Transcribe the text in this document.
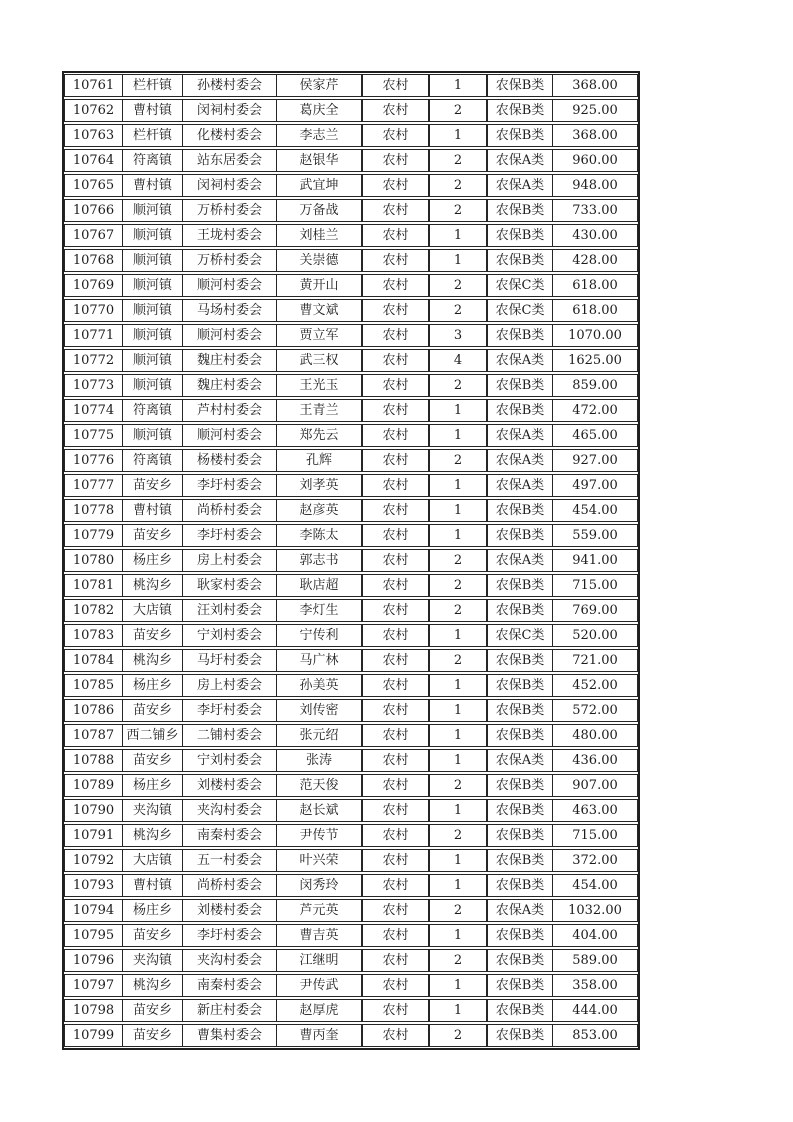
10761	栏杆镇	孙楼村委会	侯家芹	农村	1	农保B类	368.00
10762	曹村镇	闵祠村委会	葛庆全	农村	2	农保B类	925.00
10763	栏杆镇	化楼村委会	李志兰	农村	1	农保B类	368.00
10764	符离镇	站东居委会	赵银华	农村	2	农保A类	960.00
10765	曹村镇	闵祠村委会	武宜坤	农村	2	农保A类	948.00
10766	顺河镇	万桥村委会	万备战	农村	2	农保B类	733.00
10767	顺河镇	王垅村委会	刘桂兰	农村	1	农保B类	430.00
10768	顺河镇	万桥村委会	关崇德	农村	1	农保B类	428.00
10769	顺河镇	顺河村委会	黄开山	农村	2	农保C类	618.00
10770	顺河镇	马场村委会	曹文斌	农村	2	农保C类	618.00
10771	顺河镇	顺河村委会	贾立军	农村	3	农保B类	1070.00
10772	顺河镇	魏庄村委会	武三权	农村	4	农保A类	1625.00
10773	顺河镇	魏庄村委会	王光玉	农村	2	农保B类	859.00
10774	符离镇	芦村村委会	王青兰	农村	1	农保B类	472.00
10775	顺河镇	顺河村委会	郑先云	农村	1	农保A类	465.00
10776	符离镇	杨楼村委会	孔辉	农村	2	农保A类	927.00
10777	苗安乡	李圩村委会	刘孝英	农村	1	农保A类	497.00
10778	曹村镇	尚桥村委会	赵彦英	农村	1	农保B类	454.00
10779	苗安乡	李圩村委会	李陈太	农村	1	农保B类	559.00
10780	杨庄乡	房上村委会	郭志书	农村	2	农保A类	941.00
10781	桃沟乡	耿家村委会	耿店超	农村	2	农保B类	715.00
10782	大店镇	汪刘村委会	李灯生	农村	2	农保B类	769.00
10783	苗安乡	宁刘村委会	宁传利	农村	1	农保C类	520.00
10784	桃沟乡	马圩村委会	马广林	农村	2	农保B类	721.00
10785	杨庄乡	房上村委会	孙美英	农村	1	农保B类	452.00
10786	苗安乡	李圩村委会	刘传密	农村	1	农保B类	572.00
10787 西二铺乡	二铺村委会	张元绍	农村	1	农保B类	480.00
10788	苗安乡	宁刘村委会	张涛	农村	1	农保A类	436.00
10789	杨庄乡	刘楼村委会	范天俊	农村	2	农保B类	907.00
10790	夹沟镇	夹沟村委会	赵长斌	农村	1	农保B类	463.00
10791	桃沟乡	南秦村委会	尹传节	农村	2	农保B类	715.00
10792	大店镇	五一村委会	叶兴荣	农村	1	农保B类	372.00
10793	曹村镇	尚桥村委会	闵秀玲	农村	1	农保B类	454.00
10794	杨庄乡	刘楼村委会	芦元英	农村	2	农保A类	1032.00
10795	苗安乡	李圩村委会	曹吉英	农村	1	农保B类	404.00
10796	夹沟镇	夹沟村委会	江继明	农村	2	农保B类	589.00
10797	桃沟乡	南秦村委会	尹传武	农村	1	农保B类	358.00
10798	苗安乡	新庄村委会	赵厚虎	农村	1	农保B类	444.00
10799	苗安乡	曹集村委会	曹丙奎	农村	2	农保B类	853.00
